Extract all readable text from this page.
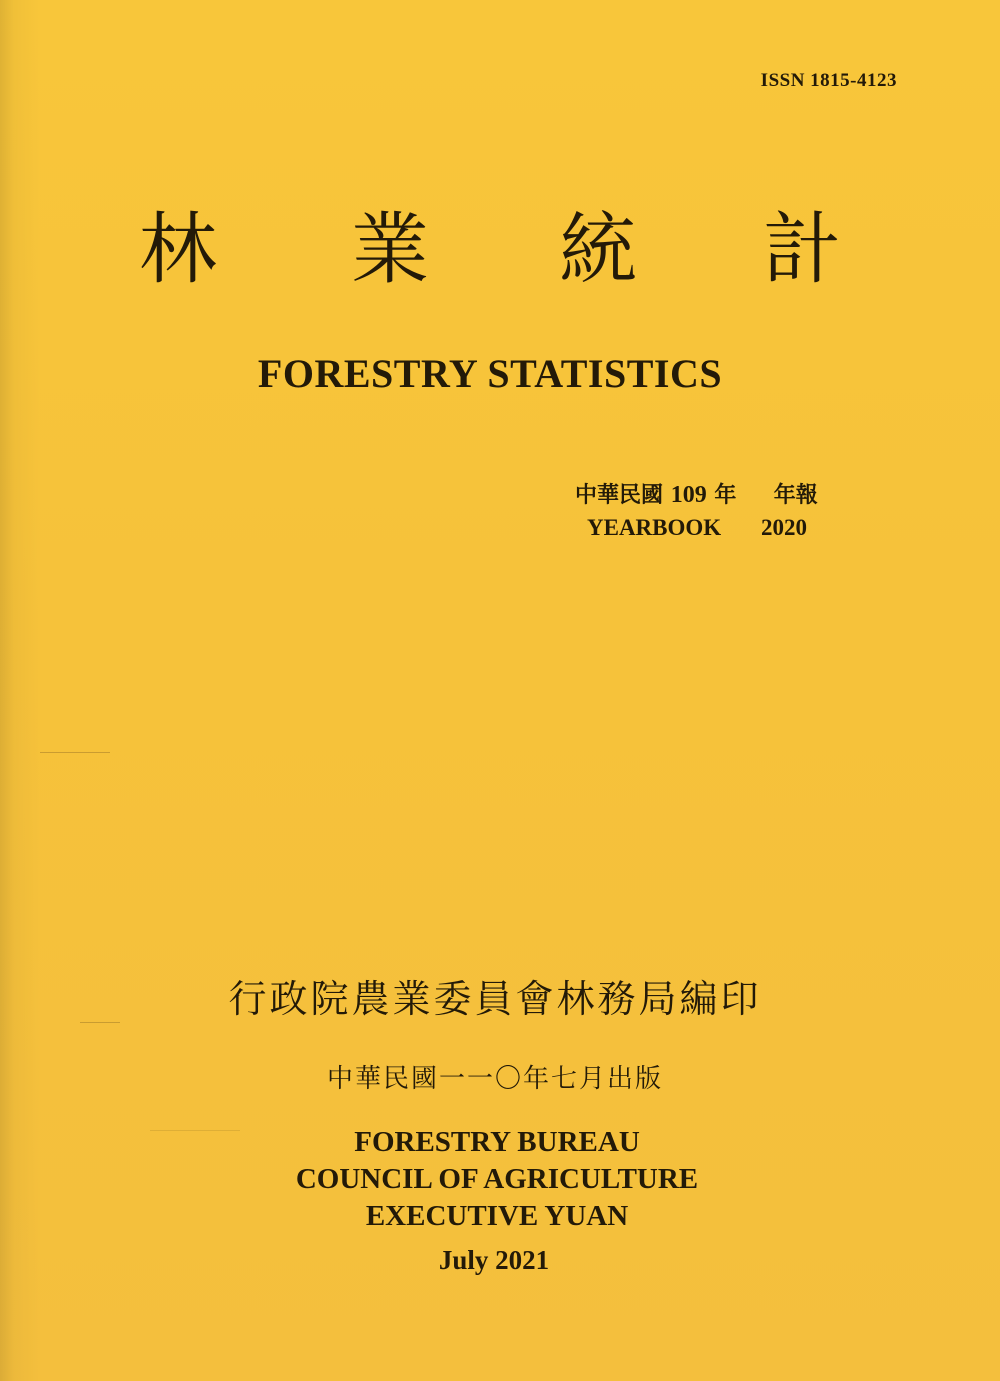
ISSN 1815-4123
林 業 統 計
FORESTRY STATISTICS
中華民國 109 年 年報
YEARBOOK 2020
行政院農業委員會林務局編印
中華民國一一〇年七月出版
FORESTRY BUREAU
COUNCIL OF AGRICULTURE
EXECUTIVE YUAN
July 2021
